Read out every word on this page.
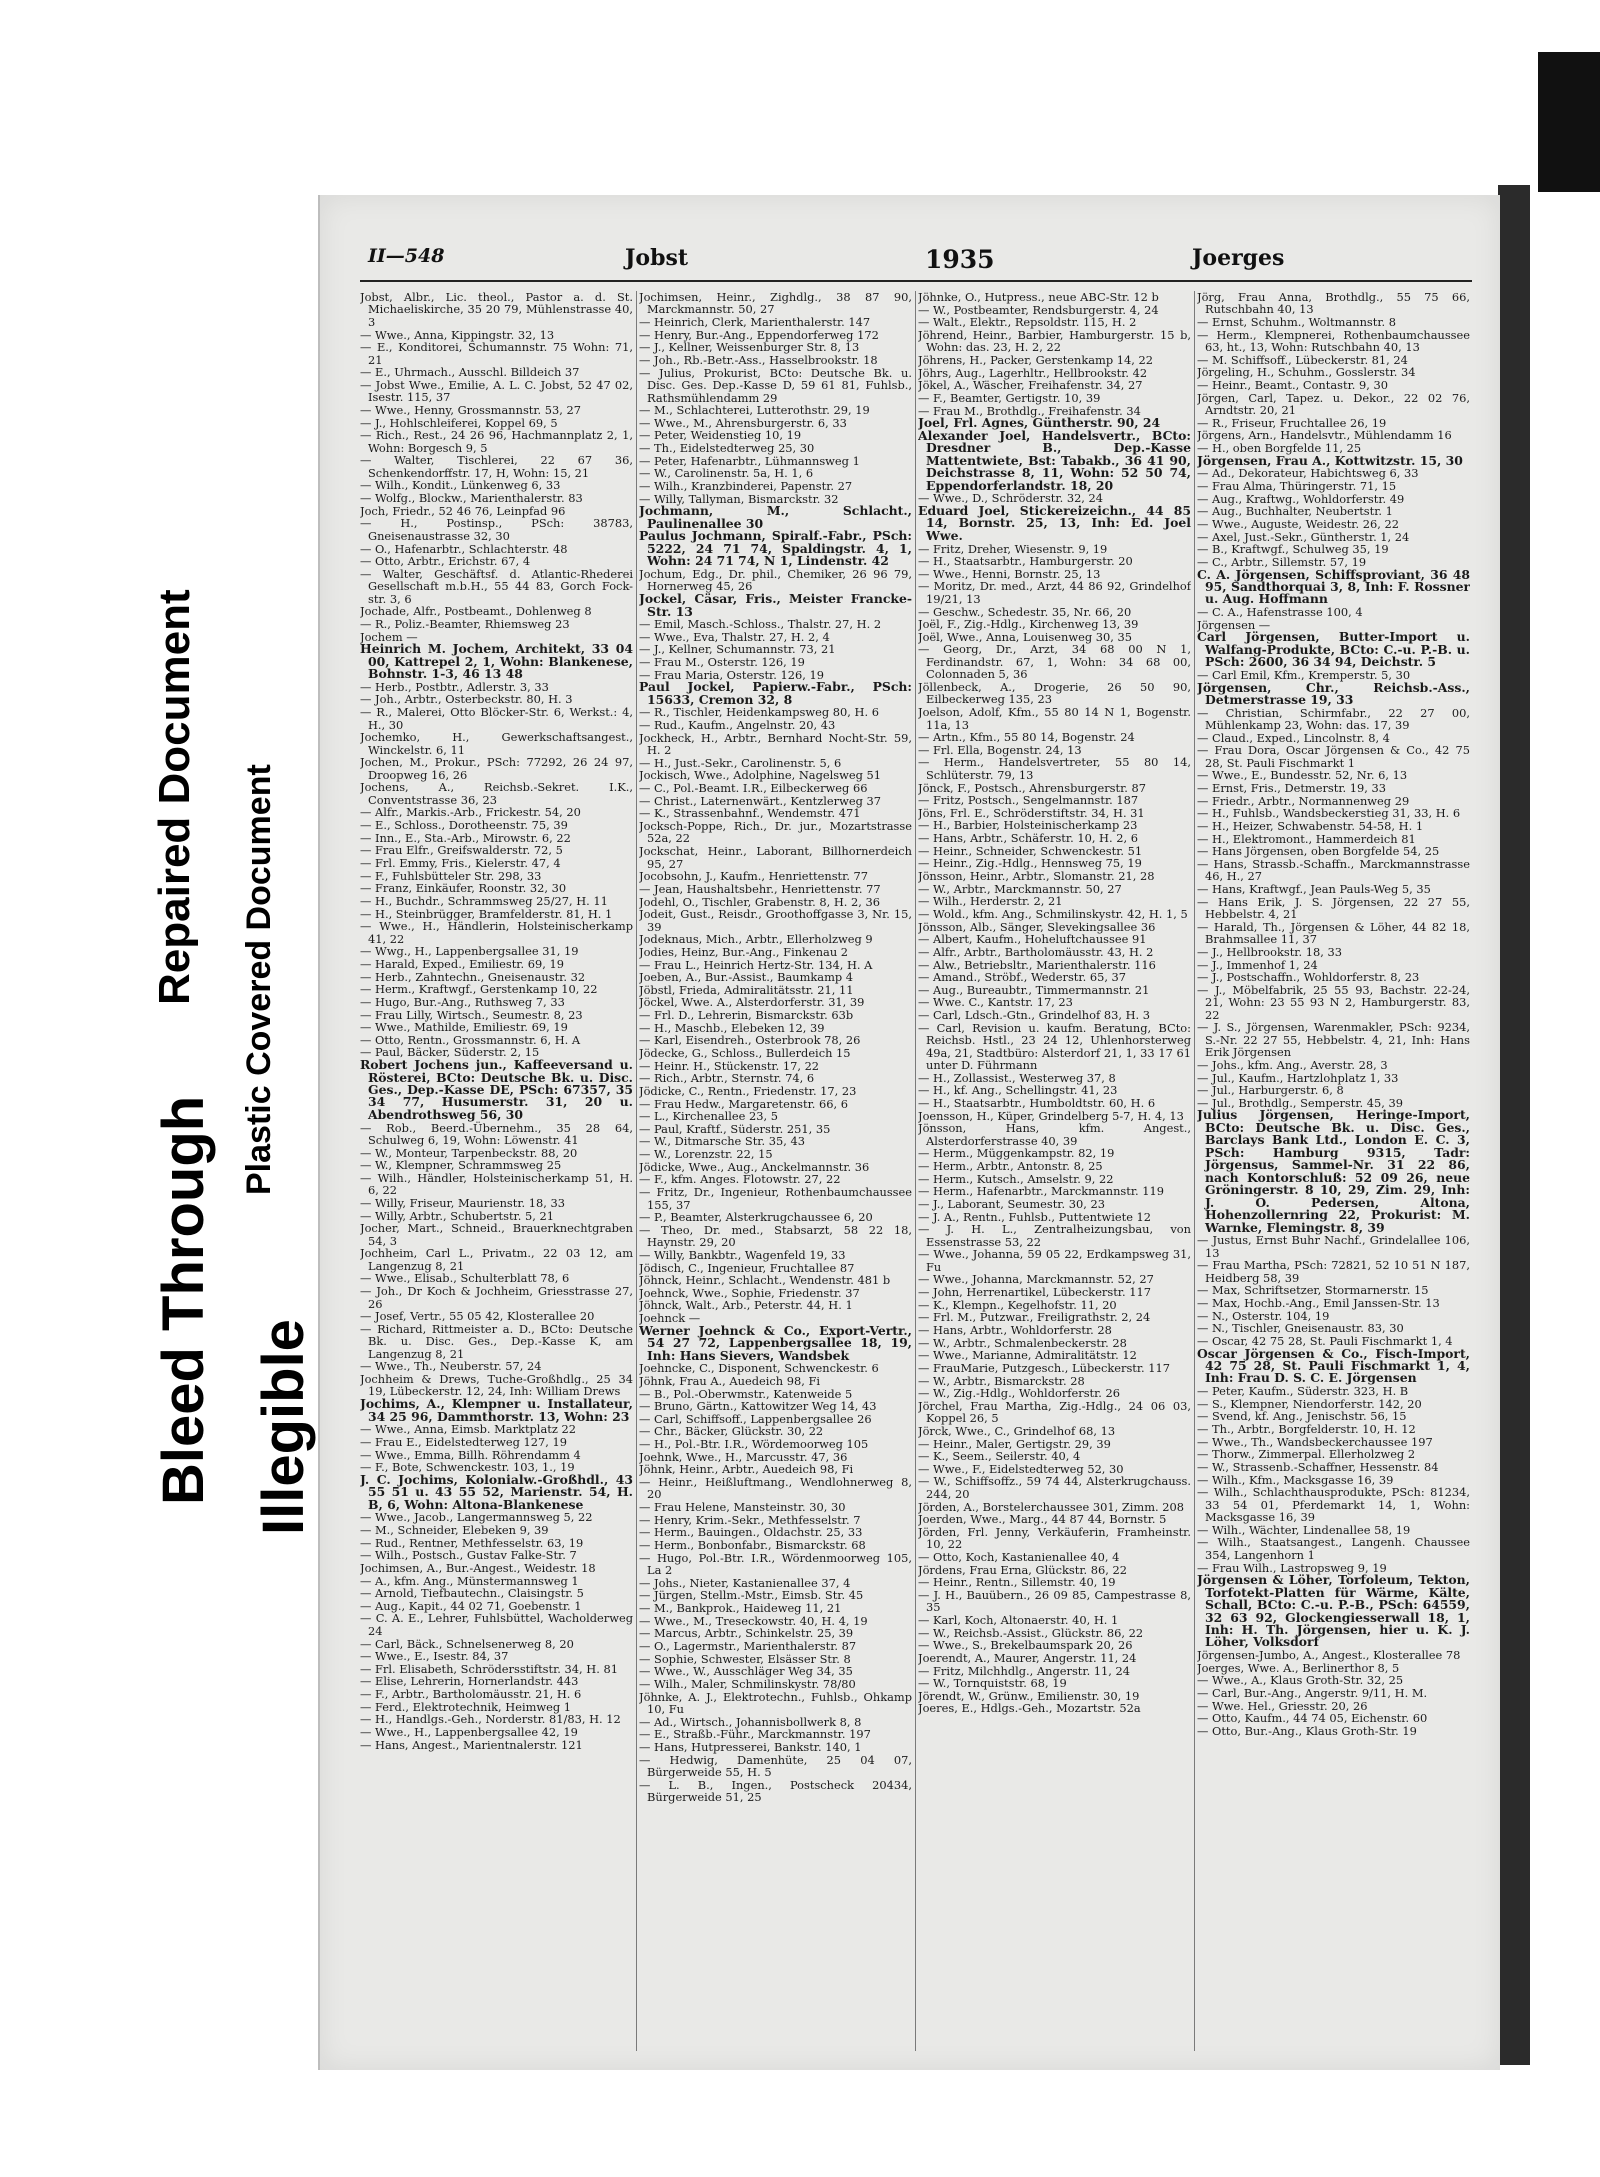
Bleed Through
Repaired Document Plastic Covered Document
Illegible
II—548	Jobst	1935	Joerges
Jobst, Albr., Lic. theol., Pastor a. d. St. Michaeliskirche, 35 20 79, Mühlenstrasse 40, 3
— Wwe., Anna, Kippingstr. 32, 13
— E., Konditorei, Schumannstr. 75 Wohn: 71, 21
— E., Uhrmach., Ausschl. Billdeich 37
— Jobst Wwe., Emilie, A. L. C. Jobst, 52 47 02, Isestr. 115, 37
— Wwe., Henny, Grossmannstr. 53, 27
— J., Hohlschleiferei, Koppel 69, 5
— Rich., Rest., 24 26 96, Hachmannplatz 2, 1, Wohn: Borgesch 9, 5
— Walter, Tischlerei, 22 67 36, Schenkendorffstr. 17, H, Wohn: 15, 21
— Wilh., Kondit., Lünkenweg 6, 33
— Wolfg., Blockw., Marienthalerstr. 83
Joch, Friedr., 52 46 76, Leinpfad 96
— H., Postinsp., PSch: 38783, Gneisenaustrasse 32, 30
— O., Hafenarbtr., Schlachterstr. 48
— Otto, Arbtr., Erichstr. 67, 4
— Walter, Geschäftsf. d. Atlantic-Rhederei Gesellschaft m.b.H., 55 44 83, Gorch Fock-str. 3, 6
Jochade, Alfr., Postbeamt., Dohlenweg 8
— R., Poliz.-Beamter, Rhiemsweg 23
Jochem —
Heinrich M. Jochem, Architekt, 33 04 00, Kattrepel 2, 1, Wohn: Blankenese, Bohnstr. 1-3, 46 13 48
— Herb., Postbtr., Adlerstr. 3, 33
— Joh., Arbtr., Osterbeckstr. 80, H. 3
— R., Malerei, Otto Blöcker-Str. 6, Werkst.: 4, H., 30
Jochemko, H., Gewerkschaftsangest., Winckelstr. 6, 11
Jochen, M., Prokur., PSch: 77292, 26 24 97, Droopweg 16, 26
Jochens, A., Reichsb.-Sekret. I.K., Conventstrasse 36, 23
— Alfr., Markis.-Arb., Frickestr. 54, 20
— E., Schloss., Dorotheenstr. 75, 39
— Inn., E., Sta.-Arb., Mirowstr. 6, 22
— Frau Elfr., Greifswalderstr. 72, 5
— Frl. Emmy, Fris., Kielerstr. 47, 4
— F., Fuhlsbütteler Str. 298, 33
— Franz, Einkäufer, Roonstr. 32, 30
— H., Buchdr., Schrammsweg 25/27, H. 11
— H., Steinbrügger, Bramfelderstr. 81, H. 1
— Wwe., H., Händlerin, Holsteinischerkamp 41, 22
— Wwg., H., Lappenbergsallee 31, 19
— Harald, Exped., Emiliestr. 69, 19
— Herb., Zahntechn., Gneisenaustr. 32
— Herm., Kraftwgf., Gerstenkamp 10, 22
— Hugo, Bur.-Ang., Ruthsweg 7, 33
— Frau Lilly, Wirtsch., Seumestr. 8, 23
— Wwe., Mathilde, Emiliestr. 69, 19
— Otto, Rentn., Grossmannstr. 6, H. A
— Paul, Bäcker, Süderstr. 2, 15
Robert Jochens jun., Kaffeeversand u. Rösterei, BCto: Deutsche Bk. u. Disc. Ges., Dep.-Kasse DE, PSch: 67357, 35 34 77, Husumerstr. 31, 20 u. Abendrothsweg 56, 30
— Rob., Beerd.-Übernehm., 35 28 64, Schulweg 6, 19, Wohn: Löwenstr. 41
— W., Monteur, Tarpenbeckstr. 88, 20
— W., Klempner, Schrammsweg 25
— Wilh., Händler, Holsteinischerkamp 51, H. 6, 22
— Willy, Friseur, Maurienstr. 18, 33
— Willy, Arbtr., Schubertstr. 5, 21
Jocher, Mart., Schneid., Brauerknechtgraben 54, 3
Jochheim, Carl L., Privatm., 22 03 12, am Langenzug 8, 21
— Wwe., Elisab., Schulterblatt 78, 6
— Joh., Dr Koch & Jochheim, Griesstrasse 27, 26
— Josef, Vertr., 55 05 42, Klosterallee 20
— Richard, Rittmeister a. D., BCto: Deutsche Bk. u. Disc. Ges., Dep.-Kasse K, am Langenzug 8, 21
— Wwe., Th., Neuberstr. 57, 24
Jochheim & Drews, Tuche-Großhdlg., 25 34 19, Lübeckerstr. 12, 24, Inh: William Drews
Jochims, A., Klempner u. Installateur, 34 25 96, Dammthorstr. 13, Wohn: 23
— Wwe., Anna, Eimsb. Marktplatz 22
— Frau E., Eidelstedterweg 127, 19
— Wwe., Emma, Billh. Röhrendamm 4
— F., Bote, Schwenckestr. 103, 1., 19
J. C. Jochims, Kolonialw.-Großhdl., 43 55 51 u. 43 55 52, Marienstr. 54, H. B, 6, Wohn: Altona-Blankenese
— Wwe., Jacob., Langermannsweg 5, 22
— M., Schneider, Elebeken 9, 39
— Rud., Rentner, Methfesselstr. 63, 19
— Wilh., Postsch., Gustav Falke-Str. 7
Jochimsen, A., Bur.-Angest., Weidestr. 18
— A., kfm. Ang., Münstermannsweg 1
— Arnold, Tiefbautechn., Claisingstr. 5
— Aug., Kapit., 44 02 71, Goebenstr. 1
— C. A. E., Lehrer, Fuhlsbüttel, Wacholderweg 24
— Carl, Bäck., Schnelsenerweg 8, 20
— Wwe., E., Isestr. 84, 37
— Frl. Elisabeth, Schrödersstiftstr. 34, H. 81
— Elise, Lehrerin, Hornerlandstr. 443
— F., Arbtr., Bartholomäusstr. 21, H. 6
— Ferd., Elektrotechnik, Heimweg 1
— H., Handlgs.-Geh., Norderstr. 81/83, H. 12
— Wwe., H., Lappenbergsallee 42, 19
— Hans, Angest., Marientnalerstr. 121
Jochimsen, Heinr., Zighdlg., 38 87 90, Marckmannstr. 50, 27
— Heinrich, Clerk, Marienthalerstr. 147
— Henry, Bur.-Ang., Eppendorferweg 172
— J., Kellner, Weissenburger Str. 8, 13
— Joh., Rb.-Betr.-Ass., Hasselbrookstr. 18
— Julius, Prokurist, BCto: Deutsche Bk. u. Disc. Ges. Dep.-Kasse D, 59 61 81, Fuhlsb., Rathsmühlendamm 29
— M., Schlachterei, Lutterothstr. 29, 19
— Wwe., M., Ahrensburgerstr. 6, 33
— Peter, Weidenstieg 10, 19
— Th., Eidelstedterweg 25, 30
— Peter, Hafenarbtr., Lühmannsweg 1
— W., Carolinenstr. 5a, H. 1, 6
— Wilh., Kranzbinderei, Papenstr. 27
— Willy, Tallyman, Bismarckstr. 32
Jochmann, M., Schlacht., Paulinenallee 30
Paulus Jochmann, Spiralf.-Fabr., PSch: 5222, 24 71 74, Spaldingstr. 4, 1, Wohn: 24 71 74, N 1, Lindenstr. 42
Jochum, Edg., Dr. phil., Chemiker, 26 96 79, Hornerweg 45, 26
Jockel, Cäsar, Fris., Meister Francke-Str. 13
— Emil, Masch.-Schloss., Thalstr. 27, H. 2
— Wwe., Eva, Thalstr. 27, H. 2, 4
— J., Kellner, Schumannstr. 73, 21
— Frau M., Osterstr. 126, 19
— Frau Maria, Osterstr. 126, 19
Paul Jockel, Papierw.-Fabr., PSch: 15633, Cremon 32, 8
— R., Tischler, Heidenkampsweg 80, H. 6
— Rud., Kaufm., Angelnstr. 20, 43
Jockheck, H., Arbtr., Bernhard Nocht-Str. 59, H. 2
— H., Just.-Sekr., Carolinenstr. 5, 6
Jockisch, Wwe., Adolphine, Nagelsweg 51
— C., Pol.-Beamt. I.R., Eilbeckerweg 66
— Christ., Laternenwärt., Kentzlerweg 37
— K., Strassenbahnf., Wendemstr. 471
Jocksch-Poppe, Rich., Dr. jur., Mozartstrasse 52a, 22
Jockschat, Heinr., Laborant, Billhornerdeich 95, 27
Jocobsohn, J., Kaufm., Henriettenstr. 77
— Jean, Haushaltsbehr., Henriettenstr. 77
Jodehl, O., Tischler, Grabenstr. 8, H. 2, 36
Jodeit, Gust., Reisdr., Groothoffgasse 3, Nr. 15, 39
Jodeknaus, Mich., Arbtr., Ellerholzweg 9
Jodies, Heinz, Bur.-Ang., Finkenau 2
— Frau L., Heinrich Hertz-Str. 134, H. A
Joeben, A., Bur.-Assist., Baumkamp 4
Jöbstl, Frieda, Admiralitätsstr. 21, 11
Jöckel, Wwe. A., Alsterdorferstr. 31, 39
— Frl. D., Lehrerin, Bismarckstr. 63b
— H., Maschb., Elebeken 12, 39
— Karl, Eisendreh., Osterbrook 78, 26
Jödecke, G., Schloss., Bullerdeich 15
— Heinr. H., Stückenstr. 17, 22
— Rich., Arbtr., Sternstr. 74, 6
Jödicke, C., Rentn., Friedenstr. 17, 23
— Frau Hedw., Margaretenstr. 66, 6
— L., Kirchenallee 23, 5
— Paul, Kraftf., Süderstr. 251, 35
— W., Ditmarsche Str. 35, 43
— W., Lorenzstr. 22, 15
Jödicke, Wwe., Aug., Anckelmannstr. 36
— F., kfm. Anges. Flotowstr. 27, 22
— Fritz, Dr., Ingenieur, Rothenbaumchaussee 155, 37
— P., Beamter, Alsterkrugchaussee 6, 20
— Theo, Dr. med., Stabsarzt, 58 22 18, Haynstr. 29, 20
— Willy, Bankbtr., Wagenfeld 19, 33
Jödisch, C., Ingenieur, Fruchtallee 87
Jöhnck, Heinr., Schlacht., Wendenstr. 481 b
Joehnck, Wwe., Sophie, Friedenstr. 37
Jöhnck, Walt., Arb., Peterstr. 44, H. 1
Joehnck —
Werner Joehnck & Co., Export-Vertr., 54 27 72, Lappenbergsallee 18, 19, Inh: Hans Sievers, Wandsbek
Joehncke, C., Disponent, Schwenckestr. 6
Jöhnk, Frau A., Auedeich 98, Fi
— B., Pol.-Oberwmstr., Katenweide 5
— Bruno, Gärtn., Kattowitzer Weg 14, 43
— Carl, Schiffsoff., Lappenbergsallee 26
— Chr., Bäcker, Glückstr. 30, 22
— H., Pol.-Btr. I.R., Wördemoorweg 105
Joehnk, Wwe., H., Marcusstr. 47, 36
Jöhnk, Heinr., Arbtr., Auedeich 98, Fi
— Heinr., Heißluftmang., Wendlohnerweg 8, 20
— Frau Helene, Mansteinstr. 30, 30
— Henry, Krim.-Sekr., Methfesselstr. 7
— Herm., Bauingen., Oldachstr. 25, 33
— Herm., Bonbonfabr., Bismarckstr. 68
— Hugo, Pol.-Btr. I.R., Wördenmoorweg 105, La 2
— Johs., Nieter, Kastanienallee 37, 4
— Jürgen, Stellm.-Mstr., Eimsb. Str. 45
— M., Bankprok., Haideweg 11, 21
— Wwe., M., Treseckowstr. 40, H. 4, 19
— Marcus, Arbtr., Schinkelstr. 25, 39
— O., Lagermstr., Marienthalerstr. 87
— Sophie, Schwester, Elsässer Str. 8
— Wwe., W., Ausschläger Weg 34, 35
— Wilh., Maler, Schmilinskystr. 78/80
Jöhnke, A. J., Elektrotechn., Fuhlsb., Ohkamp 10, Fu
— Ad., Wirtsch., Johannisbollwerk 8, 8
— E., Straßb.-Führ., Marckmannstr. 197
— Hans, Hutpresserei, Bankstr. 140, 1
— Hedwig, Damenhüte, 25 04 07, Bürgerweide 55, H. 5
— L. B., Ingen., Postscheck 20434, Bürgerweide 51, 25
Jöhnke, O., Hutpress., neue ABC-Str. 12 b
— W., Postbeamter, Rendsburgerstr. 4, 24
— Walt., Elektr., Repsoldstr. 115, H. 2
Jöhrend, Heinr., Barbier, Hamburgerstr. 15 b, Wohn: das. 23, H. 2, 22
Jöhrens, H., Packer, Gerstenkamp 14, 22
Jöhrs, Aug., Lagerhltr., Hellbrookstr. 42
Jökel, A., Wäscher, Freihafenstr. 34, 27
— F., Beamter, Gertigstr. 10, 39
— Frau M., Brothdlg., Freihafenstr. 34
Joel, Frl. Agnes, Güntherstr. 90, 24
Alexander Joel, Handelsvertr., BCto: Dresdner B., Dep.-Kasse Mattentwiete, Bst: Tabakb., 36 41 90, Deichstrasse 8, 11, Wohn: 52 50 74, Eppendorferlandstr. 18, 20
— Wwe., D., Schröderstr. 32, 24
Eduard Joel, Stickereizeichn., 44 85 14, Bornstr. 25, 13, Inh: Ed. Joel Wwe.
— Fritz, Dreher, Wiesenstr. 9, 19
— H., Staatsarbtr., Hamburgerstr. 20
— Wwe., Henni, Bornstr. 25, 13
— Moritz, Dr. med., Arzt, 44 86 92, Grindelhof 19/21, 13
— Geschw., Schedestr. 35, Nr. 66, 20
Joël, F., Zig.-Hdlg., Kirchenweg 13, 39
Joël, Wwe., Anna, Louisenweg 30, 35
— Georg, Dr., Arzt, 34 68 00 N 1, Ferdinandstr. 67, 1, Wohn: 34 68 00, Colonnaden 5, 36
Jöllenbeck, A., Drogerie, 26 50 90, Eilbeckerweg 135, 23
Joelson, Adolf, Kfm., 55 80 14 N 1, Bogenstr. 11a, 13
— Artn., Kfm., 55 80 14, Bogenstr. 24
— Frl. Ella, Bogenstr. 24, 13
— Herm., Handelsvertreter, 55 80 14, Schlüterstr. 79, 13
Jönck, F., Postsch., Ahrensburgerstr. 87
— Fritz, Postsch., Sengelmannstr. 187
Jöns, Frl. E., Schröderstiftstr. 34, H. 31
— H., Barbier, Holsteinischerkamp 23
— Hans, Arbtr., Schäferstr. 10, H. 2, 6
— Heinr., Schneider, Schwenckestr. 51
— Heinr., Zig.-Hdlg., Hennsweg 75, 19
Jönsson, Heinr., Arbtr., Slomanstr. 21, 28
— W., Arbtr., Marckmannstr. 50, 27
— Wilh., Herderstr. 2, 21
— Wold., kfm. Ang., Schmilinskystr. 42, H. 1, 5
Jönsson, Alb., Sänger, Slevekingsallee 36
— Albert, Kaufm., Hoheluftchaussee 91
— Alfr., Arbtr., Bartholomäusstr. 43, H. 2
— Alw., Betriebsltr., Marienthalerstr. 116
— Amand., Ströbf., Wederstr. 65, 37
— Aug., Bureaubtr., Timmermannstr. 21
— Wwe. C., Kantstr. 17, 23
— Carl, Ldsch.-Gtn., Grindelhof 83, H. 3
— Carl, Revision u. kaufm. Beratung, BCto: Reichsb. Hstl., 23 24 12, Uhlenhorsterweg 49a, 21, Stadtbüro: Alsterdorf 21, 1, 33 17 61 unter D. Führmann
— H., Zollassist., Westerweg 37, 8
— H., kf. Ang., Schellingstr. 41, 23
— H., Staatsarbtr., Humboldtstr. 60, H. 6
Joensson, H., Küper, Grindelberg 5-7, H. 4, 13
Jönsson, Hans, kfm. Angest., Alsterdorferstrasse 40, 39
— Herm., Müggenkampstr. 82, 19
— Herm., Arbtr., Antonstr. 8, 25
— Herm., Kutsch., Amselstr. 9, 22
— Herm., Hafenarbtr., Marckmannstr. 119
— J., Laborant, Seumestr. 30, 23
— J. A., Rentn., Fuhlsb., Puttentwiete 12
— J. H. L., Zentralheizungsbau, von Essenstrasse 53, 22
— Wwe., Johanna, 59 05 22, Erdkampsweg 31, Fu
— Wwe., Johanna, Marckmannstr. 52, 27
— John, Herrenartikel, Lübeckerstr. 117
— K., Klempn., Kegelhofstr. 11, 20
— Frl. M., Putzwar., Freiligrathstr. 2, 24
— Hans, Arbtr., Wohldorferstr. 28
— W., Arbtr., Schmalenbeckerstr. 28
— Wwe., Marianne, Admiralitätstr. 12
— FrauMarie, Putzgesch., Lübeckerstr. 117
— W., Arbtr., Bismarckstr. 28
— W., Zig.-Hdlg., Wohldorferstr. 26
Jörchel, Frau Martha, Zig.-Hdlg., 24 06 03, Koppel 26, 5
Jörck, Wwe., C., Grindelhof 68, 13
— Heinr., Maler, Gertigstr. 29, 39
— K., Seem., Seilerstr. 40, 4
— Wwe., F., Eidelstedterweg 52, 30
— W., Schiffsoffz., 59 74 44, Alsterkrugchauss. 244, 20
Jörden, A., Borstelerchaussee 301, Zimm. 208
Joerden, Wwe., Marg., 44 87 44, Bornstr. 5
Jörden, Frl. Jenny, Verkäuferin, Framheinstr. 10, 22
— Otto, Koch, Kastanienallee 40, 4
Jördens, Frau Erna, Glückstr. 86, 22
— Heinr., Rentn., Sillemstr. 40, 19
— J. H., Bauübern., 26 09 85, Campestrasse 8, 35
— Karl, Koch, Altonaerstr. 40, H. 1
— W., Reichsb.-Assist., Glückstr. 86, 22
— Wwe., S., Brekelbaumspark 20, 26
Joerendt, A., Maurer, Angerstr. 11, 24
— Fritz, Milchhdlg., Angerstr. 11, 24
— W., Tornquiststr. 68, 19
Jörendt, W., Grünw., Emilienstr. 30, 19
Joeres, E., Hdlgs.-Geh., Mozartstr. 52a
Jörg, Frau Anna, Brothdlg., 55 75 66, Rutschbahn 40, 13
— Ernst, Schuhm., Woltmannstr. 8
— Herm., Klempnerei, Rothenbaumchaussee 63, ht., 13, Wohn: Rutschbahn 40, 13
— M. Schiffsoff., Lübeckerstr. 81, 24
Jörgeling, H., Schuhm., Gosslerstr. 34
— Heinr., Beamt., Contastr. 9, 30
Jörgen, Carl, Tapez. u. Dekor., 22 02 76, Arndtstr. 20, 21
— R., Friseur, Fruchtallee 26, 19
Jörgens, Arn., Handelsvtr., Mühlendamm 16
— H., oben Borgfelde 11, 25
Jörgensen, Frau A., Kottwitzstr. 15, 30
— Ad., Dekorateur, Habichtsweg 6, 33
— Frau Alma, Thüringerstr. 71, 15
— Aug., Kraftwg., Wohldorferstr. 49
— Aug., Buchhalter, Neubertstr. 1
— Wwe., Auguste, Weidestr. 26, 22
— Axel, Just.-Sekr., Güntherstr. 1, 24
— B., Kraftwgf., Schulweg 35, 19
— C., Arbtr., Sillemstr. 57, 19
C. A. Jörgensen, Schiffsproviant, 36 48 95, Sandthorquai 3, 8, Inh: F. Rossner u. Aug. Hoffmann
— C. A., Hafenstrasse 100, 4
Jörgensen —
Carl Jörgensen, Butter-Import u. Walfang-Produkte, BCto: C.-u. P.-B. u. PSch: 2600, 36 34 94, Deichstr. 5
— Carl Emil, Kfm., Kremperstr. 5, 30
Jörgensen, Chr., Reichsb.-Ass., Detmerstrasse 19, 33
— Christian, Schirmfabr., 22 27 00, Mühlenkamp 23, Wohn: das. 17, 39
— Claud., Exped., Lincolnstr. 8, 4
— Frau Dora, Oscar Jörgensen & Co., 42 75 28, St. Pauli Fischmarkt 1
— Wwe., E., Bundesstr. 52, Nr. 6, 13
— Ernst, Fris., Detmerstr. 19, 33
— Friedr., Arbtr., Normannenweg 29
— H., Fuhlsb., Wandsbeckerstieg 31, 33, H. 6
— H., Heizer, Schwabenstr. 54-58, H. 1
— H., Elektromont., Hammerdeich 81
— Hans Jörgensen, oben Borgfelde 54, 25
— Hans, Strassb.-Schaffn., Marckmannstrasse 46, H., 27
— Hans, Kraftwgf., Jean Pauls-Weg 5, 35
— Hans Erik, J. S. Jörgensen, 22 27 55, Hebbelstr. 4, 21
— Harald, Th., Jörgensen & Löher, 44 82 18, Brahmsallee 11, 37
— J., Hellbrookstr. 18, 33
— J., Immenhof 1, 24
— J., Postschaffn., Wohldorferstr. 8, 23
— J., Möbelfabrik, 25 55 93, Bachstr. 22-24, 21, Wohn: 23 55 93 N 2, Hamburgerstr. 83, 22
— J. S., Jörgensen, Warenmakler, PSch: 9234, S.-Nr. 22 27 55, Hebbelstr. 4, 21, Inh: Hans Erik Jörgensen
— Johs., kfm. Ang., Averstr. 28, 3
— Jul., Kaufm., Hartzlohplatz 1, 33
— Jul., Harburgerstr. 6, 8
— Jul., Brothdlg., Semperstr. 45, 39
Julius Jörgensen, Heringe-Import, BCto: Deutsche Bk. u. Disc. Ges., Barclays Bank Ltd., London E. C. 3, PSch: Hamburg 9315, Tadr: Jörgensus, Sammel-Nr. 31 22 86, nach Kontorschluß: 52 09 26, neue Gröningerstr. 8 10, 29, Zim. 29, Inh: J. O. Pedersen, Altona, Hohenzollernring 22, Prokurist: M. Warnke, Flemingstr. 8, 39
— Justus, Ernst Buhr Nachf., Grindelallee 106, 13
— Frau Martha, PSch: 72821, 52 10 51 N 187, Heidberg 58, 39
— Max, Schriftsetzer, Stormarnerstr. 15
— Max, Hochb.-Ang., Emil Janssen-Str. 13
— N., Osterstr. 104, 19
— N., Tischler, Gneisenaustr. 83, 30
— Oscar, 42 75 28, St. Pauli Fischmarkt 1, 4
Oscar Jörgensen & Co., Fisch-Import, 42 75 28, St. Pauli Fischmarkt 1, 4, Inh: Frau D. S. C. E. Jörgensen
— Peter, Kaufm., Süderstr. 323, H. B
— S., Klempner, Niendorferstr. 142, 20
— Svend, kf. Ang., Jenischstr. 56, 15
— Th., Arbtr., Borgfelderstr. 10, H. 12
— Wwe., Th., Wandsbeckerchaussee 197
— Thorw., Zimmerpal. Ellerholzweg 2
— W., Strassenb.-Schaffner, Hessenstr. 84
— Wilh., Kfm., Macksgasse 16, 39
— Wilh., Schlachthausprodukte, PSch: 81234, 33 54 01, Pferdemarkt 14, 1, Wohn: Macksgasse 16, 39
— Wilh., Wächter, Lindenallee 58, 19
— Wilh., Staatsangest., Langenh. Chaussee 354, Langenhorn 1
— Frau Wilh., Lastropsweg 9, 19
Jörgensen & Löher, Torfoleum, Tekton, Torfotekt-Platten für Wärme, Kälte, Schall, BCto: C.-u. P.-B., PSch: 64559, 32 63 92, Glockengiesserwall 18, 1, Inh: H. Th. Jörgensen, hier u. K. J. Löher, Volksdorf
Jörgensen-Jumbo, A., Angest., Klosterallee 78
Joerges, Wwe. A., Berlinerthor 8, 5
— Wwe., A., Klaus Groth-Str. 32, 25
— Carl, Bur.-Ang., Angerstr. 9/11, H. M.
— Wwe. Hel., Griesstr. 20, 26
— Otto, Kaufm., 44 74 05, Eichenstr. 60
— Otto, Bur.-Ang., Klaus Groth-Str. 19
